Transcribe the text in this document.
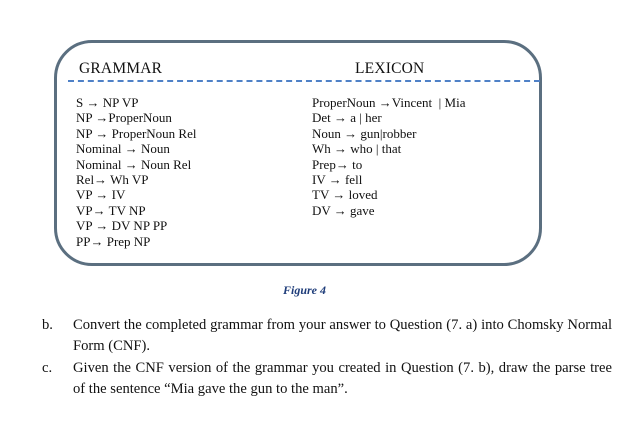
GRAMMAR	LEXICON
S → NP VP
NP →ProperNoun
NP → ProperNoun Rel
Nominal → Noun
Nominal → Noun Rel
Rel→ Wh VP
VP → IV
VP→ TV NP
VP → DV NP PP
PP→ Prep NP
ProperNoun →Vincent  | Mia
Det → a | her
Noun → gun|robber
Wh → who | that
Prep→ to
IV → fell
TV → loved
DV → gave
Figure 4
b. Convert the completed grammar from your answer to Question (7. a) into Chomsky Normal Form (CNF).
c. Given the CNF version of the grammar you created in Question (7. b), draw the parse tree of the sentence “Mia gave the gun to the man”.
